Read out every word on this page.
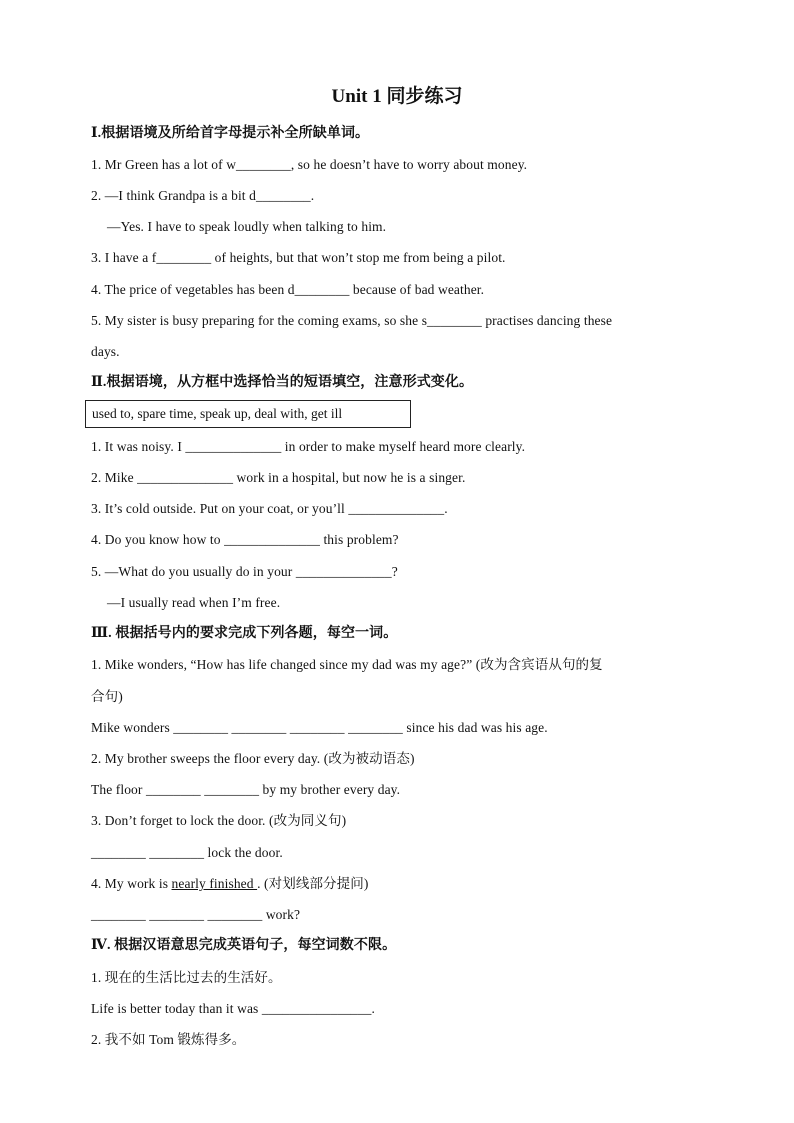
Unit 1 同步练习
Ⅰ.根据语境及所给首字母提示补全所缺单词。
1. Mr Green has a lot of w________, so he doesn’t have to worry about money.
2. —I think Grandpa is a bit d________.
—Yes. I have to speak loudly when talking to him.
3. I have a f________ of heights, but that won’t stop me from being a pilot.
4. The price of vegetables has been d________ because of bad weather.
5. My sister is busy preparing for the coming exams, so she s________ practises dancing these
days.
Ⅱ.根据语境，从方框中选择恰当的短语填空，注意形式变化。
used to, spare time, speak up, deal with, get ill
1. It was noisy. I ______________ in order to make myself heard more clearly.
2. Mike ______________ work in a hospital, but now he is a singer.
3. It’s cold outside. Put on your coat, or you’ll ______________.
4. Do you know how to ______________ this problem?
5. —What do you usually do in your ______________?
—I usually read when I’m free.
Ⅲ. 根据括号内的要求完成下列各题，每空一词。
1. Mike wonders, “How has life changed since my dad was my age?” (改为含宾语从句的复
合句)
Mike wonders ________ ________ ________ ________ since his dad was his age.
2. My brother sweeps the floor every day. (改为被动语态)
The floor ________ ________ by my brother every day.
3. Don’t forget to lock the door. (改为同义句)
________ ________ lock the door.
4. My work is nearly finished . (对划线部分提问)
________ ________ ________ work?
Ⅳ. 根据汉语意思完成英语句子，每空词数不限。
1. 现在的生活比过去的生活好。
Life is better today than it was ________________.
2. 我不如 Tom 锻炼得多。
